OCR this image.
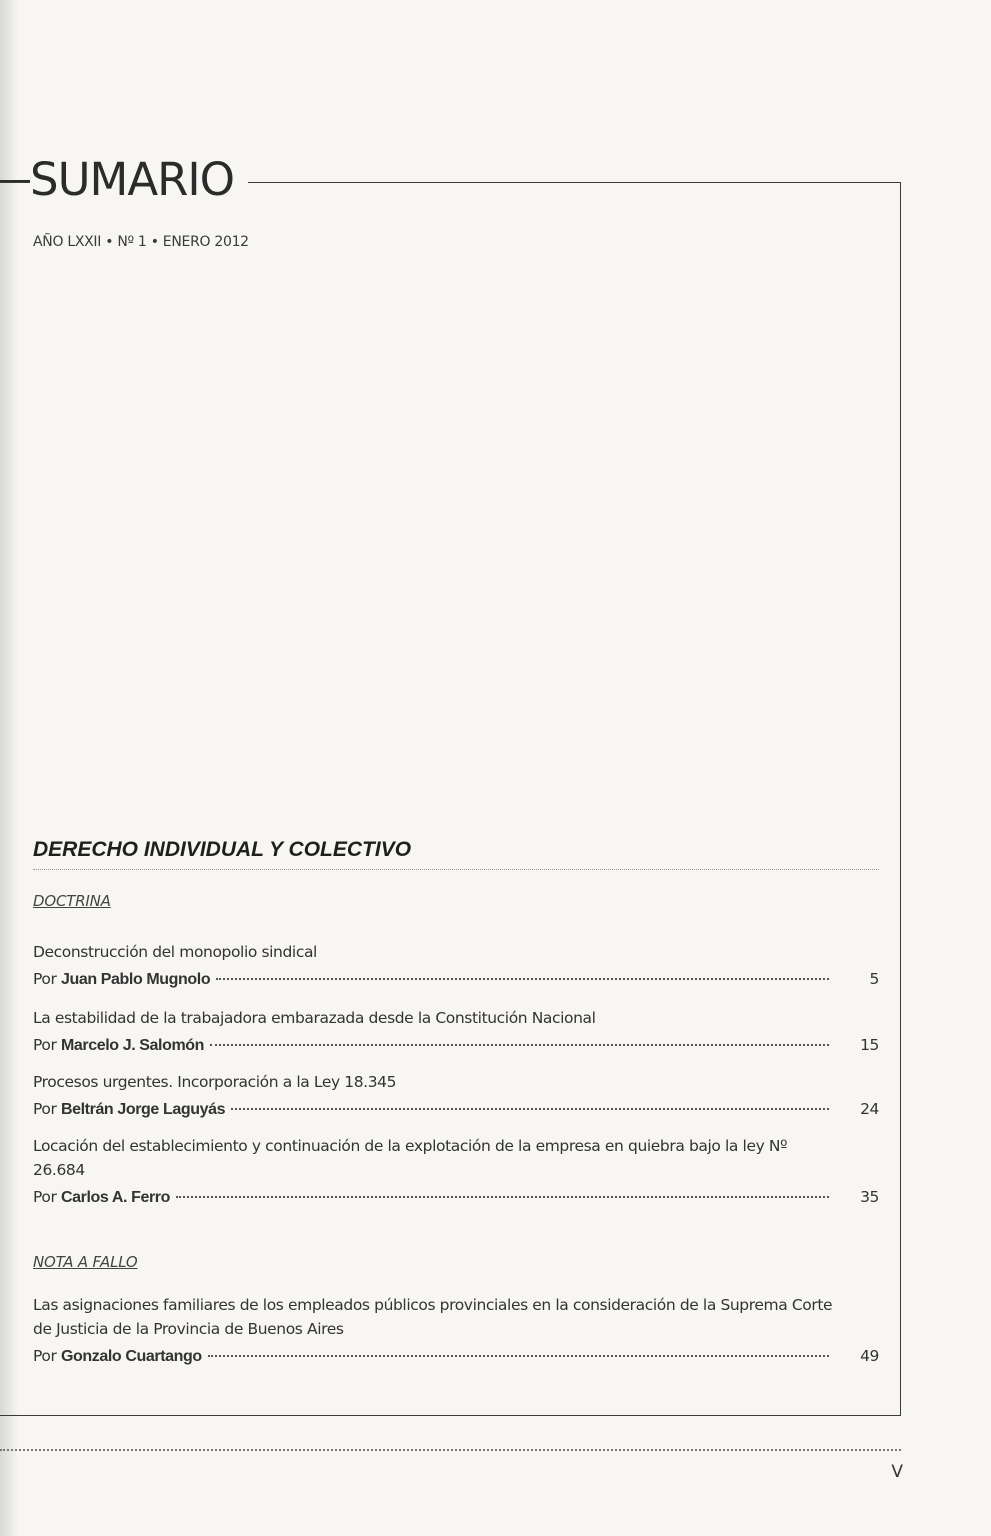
SUMARIO
AÑO LXXII • Nº 1 • ENERO 2012
DERECHO INDIVIDUAL Y COLECTIVO
DOCTRINA
Deconstrucción del monopolio sindical
Por Juan Pablo Mugnolo	5
La estabilidad de la trabajadora embarazada desde la Constitución Nacional
Por Marcelo J. Salomón	15
Procesos urgentes. Incorporación a la Ley 18.345
Por Beltrán Jorge Laguyás	24
Locación del establecimiento y continuación de la explotación de la empresa en quiebra bajo la ley Nº 26.684
Por Carlos A. Ferro	35
NOTA A FALLO
Las asignaciones familiares de los empleados públicos provinciales en la consideración de la Suprema Corte de Justicia de la Provincia de Buenos Aires
Por Gonzalo Cuartango	49
V
